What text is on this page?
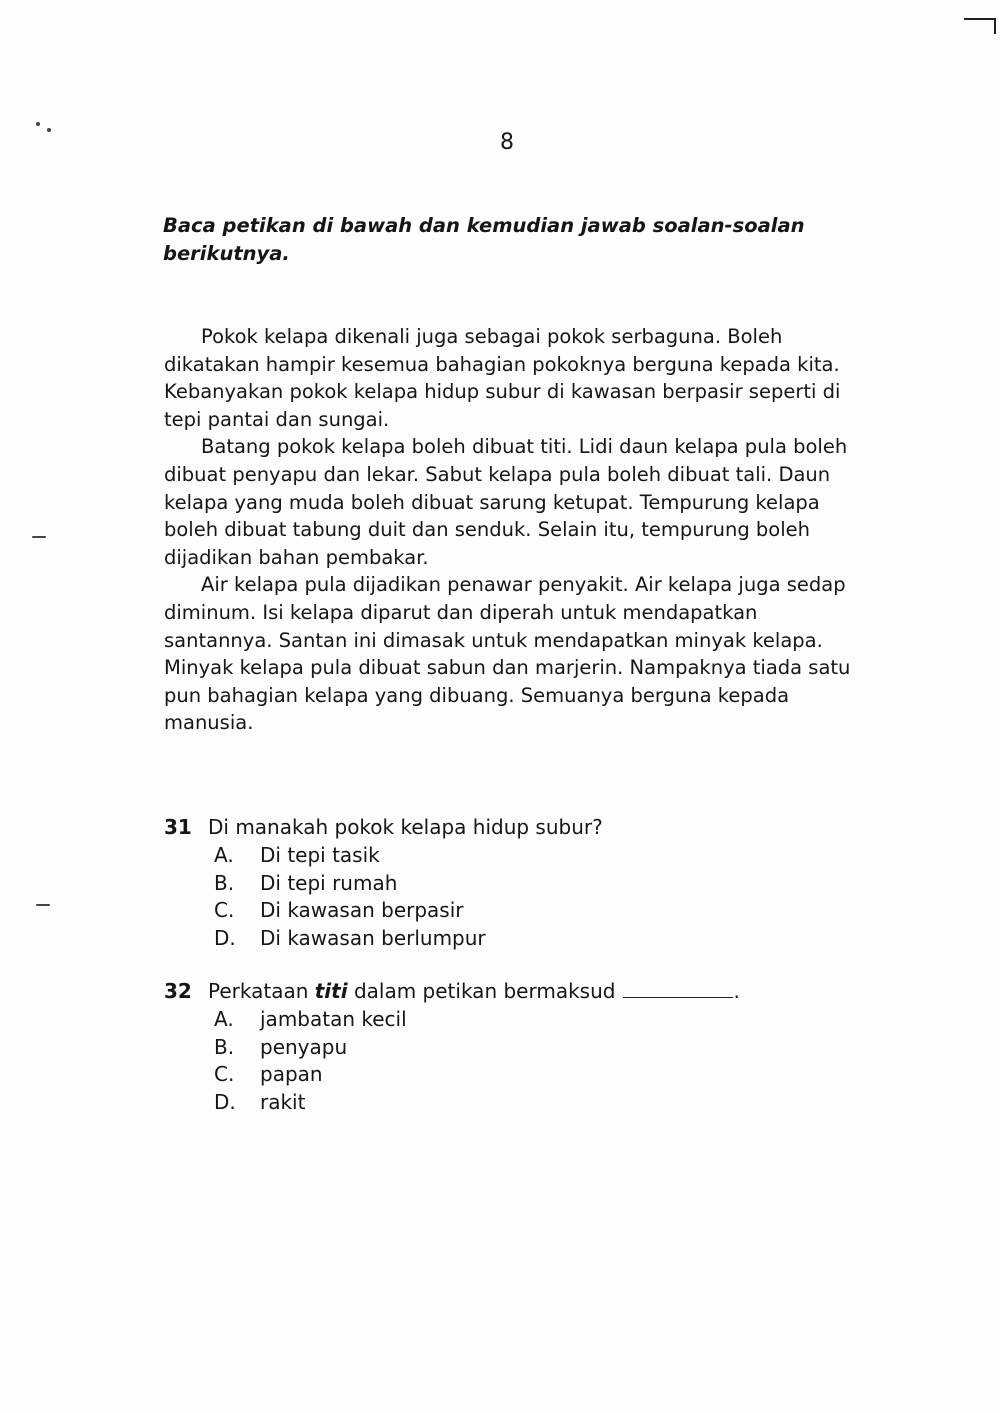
8
Baca petikan di bawah dan kemudian jawab soalan-soalan berikutnya.

Pokok kelapa dikenali juga sebagai pokok serbaguna. Boleh dikatakan hampir kesemua bahagian pokoknya berguna kepada kita. Kebanyakan pokok kelapa hidup subur di kawasan berpasir seperti di tepi pantai dan sungai.

Batang pokok kelapa boleh dibuat titi. Lidi daun kelapa pula boleh dibuat penyapu dan lekar. Sabut kelapa pula boleh dibuat tali. Daun kelapa yang muda boleh dibuat sarung ketupat. Tempurung kelapa boleh dibuat tabung duit dan senduk. Selain itu, tempurung boleh dijadikan bahan pembakar.

Air kelapa pula dijadikan penawar penyakit. Air kelapa juga sedap diminum. Isi kelapa diparut dan diperah untuk mendapatkan santannya. Santan ini dimasak untuk mendapatkan minyak kelapa. Minyak kelapa pula dibuat sabun dan marjerin. Nampaknya tiada satu pun bahagian kelapa yang dibuang. Semuanya berguna kepada manusia.

31 Di manakah pokok kelapa hidup subur?
A. Di tepi tasik
B. Di tepi rumah
C. Di kawasan berpasir
D. Di kawasan berlumpur
32 Perkataan titi dalam petikan bermaksud	.
A. jambatan kecil
B. penyapu
C. papan
D. rakit
